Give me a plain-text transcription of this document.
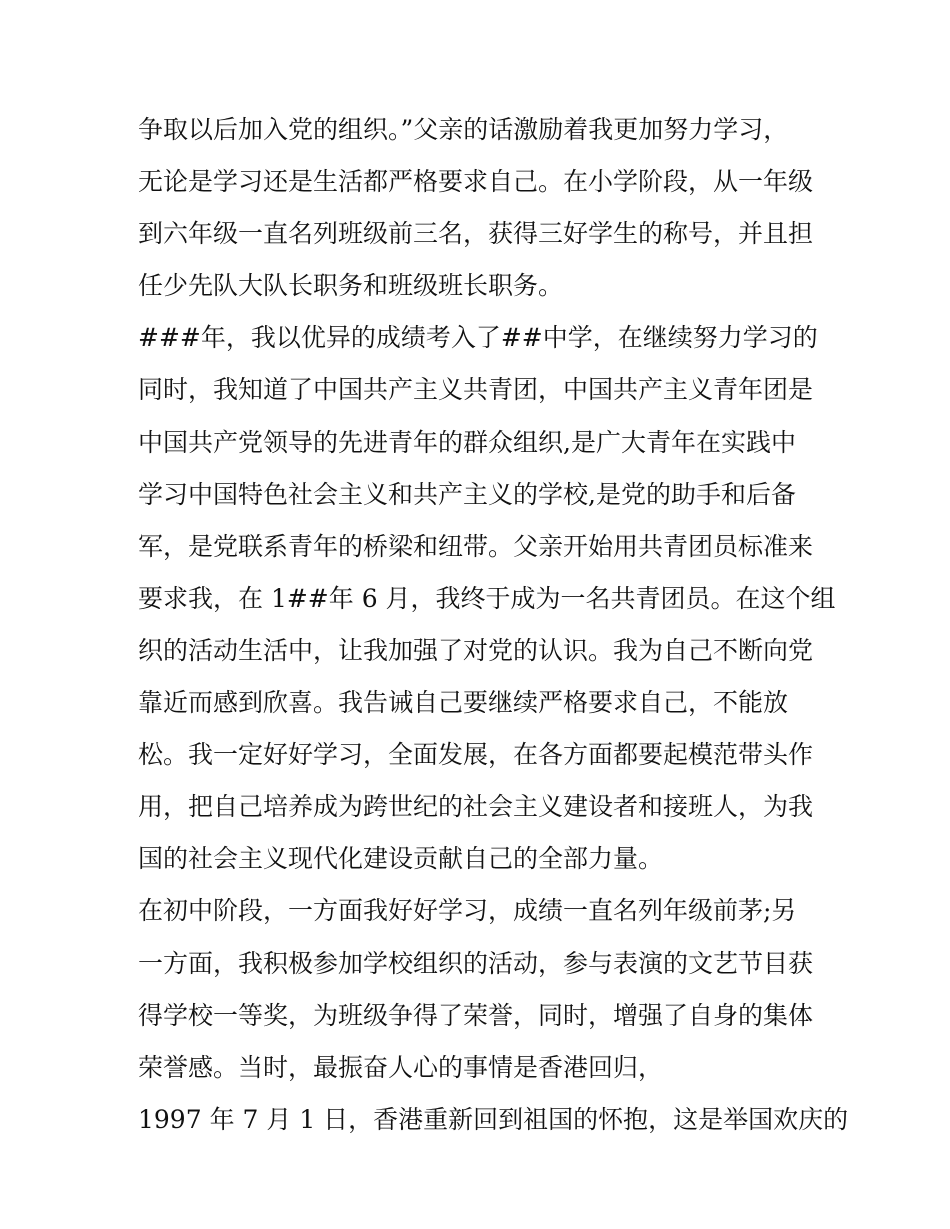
争取以后加入党的组织。”父亲的话激励着我更加努力学习，
无论是学习还是生活都严格要求自己。在小学阶段，从一年级
到六年级一直名列班级前三名，获得三好学生的称号，并且担
任少先队大队长职务和班级班长职务。
###年，我以优异的成绩考入了##中学，在继续努力学习的
同时，我知道了中国共产主义共青团，中国共产主义青年团是
中国共产党领导的先进青年的群众组织,是广大青年在实践中
学习中国特色社会主义和共产主义的学校,是党的助手和后备
军，是党联系青年的桥梁和纽带。父亲开始用共青团员标准来
要求我，在 1##年 6 月，我终于成为一名共青团员。在这个组
织的活动生活中，让我加强了对党的认识。我为自己不断向党
靠近而感到欣喜。我告诫自己要继续严格要求自己，不能放
松。我一定好好学习，全面发展，在各方面都要起模范带头作
用，把自己培养成为跨世纪的社会主义建设者和接班人，为我
国的社会主义现代化建设贡献自己的全部力量。
在初中阶段，一方面我好好学习，成绩一直名列年级前茅;另
一方面，我积极参加学校组织的活动，参与表演的文艺节目获
得学校一等奖，为班级争得了荣誉，同时，增强了自身的集体
荣誉感。当时，最振奋人心的事情是香港回归，
1997 年 7 月 1 日，香港重新回到祖国的怀抱，这是举国欢庆的
